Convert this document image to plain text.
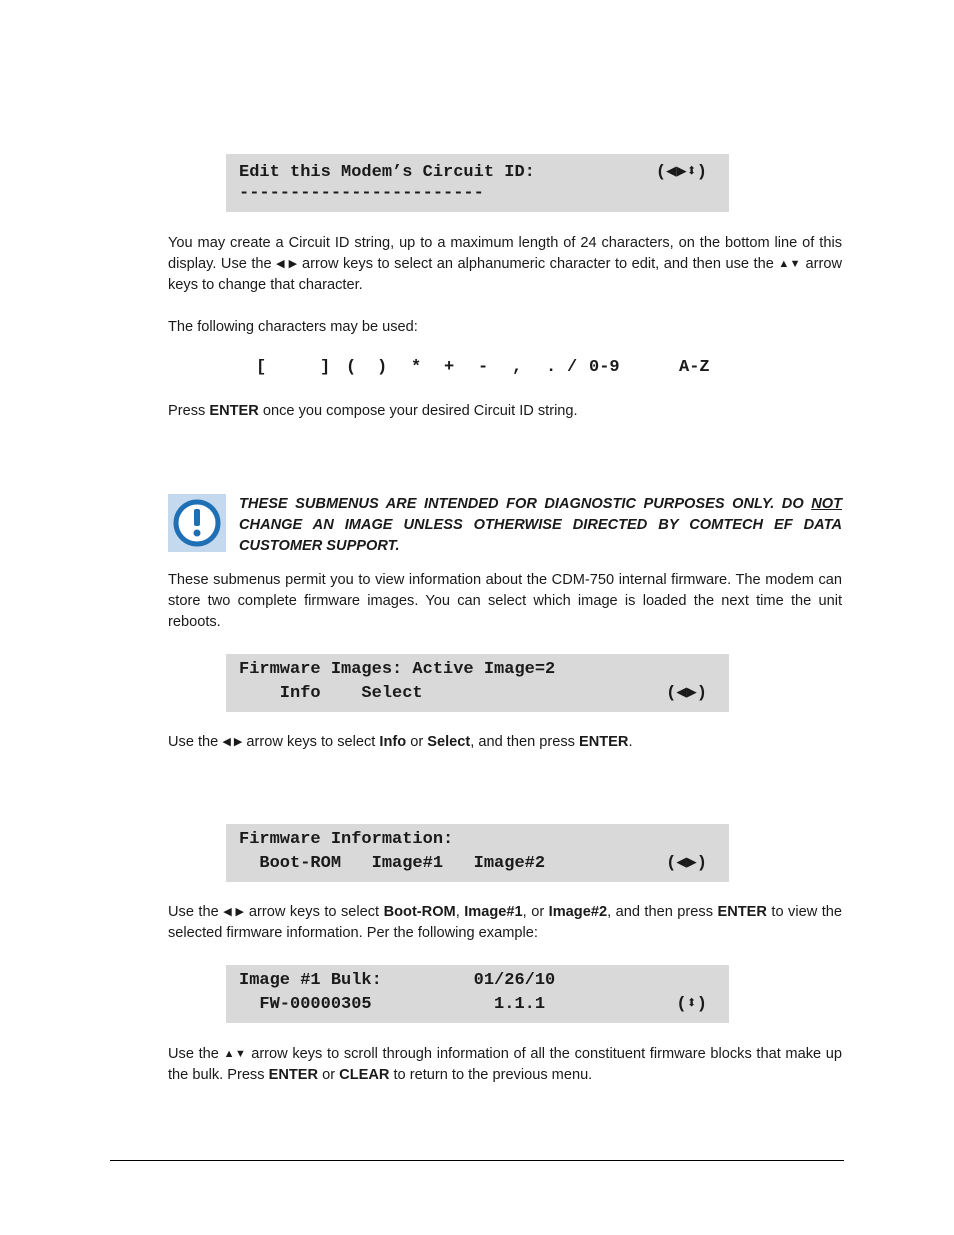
Edit this Modem’s Circuit ID:
------------------------
(◀▶⬍)
You may create a Circuit ID string, up to a maximum length of 24 characters, on the bottom line of this display. Use the ◀ ▶ arrow keys to select an alphanumeric character to edit, and then use the ▲▼ arrow keys to change that character.
The following characters may be used:
[	] ( ) * + - , . / 0-9	A-Z
Press ENTER once you compose your desired Circuit ID string.
THESE SUBMENUS ARE INTENDED FOR DIAGNOSTIC PURPOSES ONLY. DO NOT CHANGE AN IMAGE UNLESS OTHERWISE DIRECTED BY COMTECH EF DATA CUSTOMER SUPPORT.
These submenus permit you to view information about the CDM-750 internal firmware. The modem can store two complete firmware images. You can select which image is loaded the next time the unit reboots.
Firmware Images: Active Image=2
Info    Select	(◀▶)
Use the ◀ ▶ arrow keys to select Info or Select, and then press ENTER.
Firmware Information:
Boot-ROM   Image#1   Image#2	(◀▶)
Use the ◀ ▶ arrow keys to select Boot-ROM, Image#1, or Image#2, and then press ENTER to view the selected firmware information. Per the following example:
Image #1 Bulk:         01/26/10
FW-00000305            1.1.1	(⬍)
Use the ▲▼ arrow keys to scroll through information of all the constituent firmware blocks that make up the bulk. Press ENTER or CLEAR to return to the previous menu.
